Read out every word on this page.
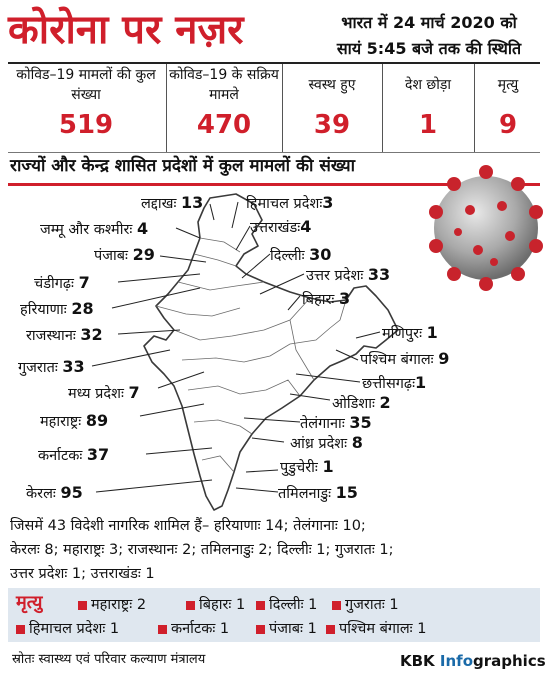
कोरोना पर नज़र	भारत में 24 मार्च 2020 को
सायं 5:45 बजे तक की स्थिति
कोविड–19 मामलों की कुल संख्या
519
कोविड–19 के सक्रिय मामले
470
स्वस्थ हुए
39
देश छोड़ा
1
मृत्यु
9
राज्यों और केन्द्र शासित प्रदेशों में कुल मामलों की संख्या
लद्दाखः 13	हिमाचल प्रदेशः3
जम्मू और कश्मीरः 4	उत्तराखंडः4
पंजाबः 29	दिल्लीः 30
चंडीगढ़ः 7	उत्तर प्रदेशः 33
हरियाणाः 28	बिहारः 3
राजस्थानः 32	मणिपुरः 1
पश्चिम बंगालः 9
गुजरातः 33
छत्तीसगढ़ः1
मध्य प्रदेशः 7
ओडिशाः 2
महाराष्ट्रः 89	तेलंगानाः 35
आंध्र प्रदेशः 8
कर्नाटकः 37
पुडुचेरीः 1
केरलः 95	तमिलनाडुः 15
जिसमें 43 विदेशी नागरिक शामिल हैं– हरियाणाः 14; तेलंगानाः 10;
केरलः 8; महाराष्ट्रः 3; राजस्थानः 2; तमिलनाडुः 2; दिल्लीः 1; गुजरातः 1;
उत्तर प्रदेशः 1; उत्तराखंडः 1
मृत्यु	महाराष्ट्रः 2	बिहारः 1	दिल्लीः 1	गुजरातः 1
हिमाचल प्रदेशः 1	कर्नाटकः 1	पंजाबः 1	पश्चिम बंगालः 1
स्रोतः स्वास्थ्य एवं परिवार कल्याण मंत्रालय	KBK Infographics
